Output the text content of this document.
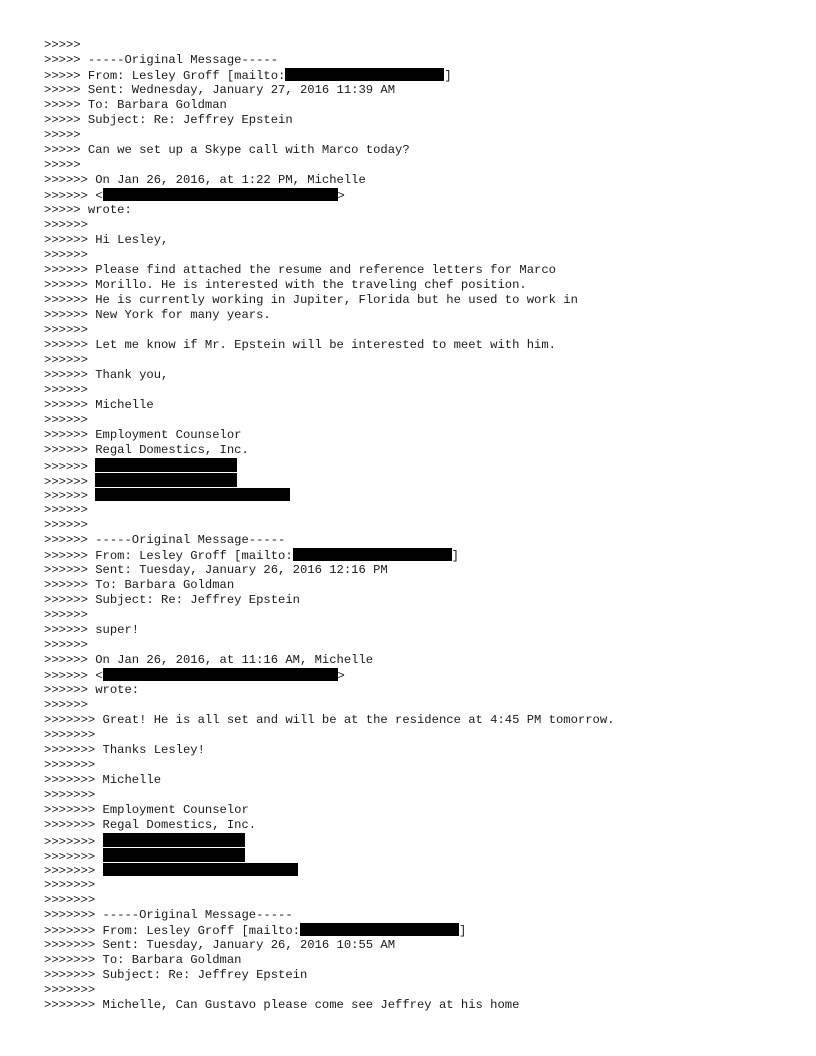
>>>>>
>>>>> -----Original Message-----
>>>>> From: Lesley Groff [mailto:	]
>>>>> Sent: Wednesday, January 27, 2016 11:39 AM
>>>>> To: Barbara Goldman
>>>>> Subject: Re: Jeffrey Epstein
>>>>>
>>>>> Can we set up a Skype call with Marco today?
>>>>>
>>>>>> On Jan 26, 2016, at 1:22 PM, Michelle
>>>>>> <	>
>>>>> wrote:
>>>>>>
>>>>>> Hi Lesley,
>>>>>>
>>>>>> Please find attached the resume and reference letters for Marco
>>>>>> Morillo. He is interested with the traveling chef position.
>>>>>> He is currently working in Jupiter, Florida but he used to work in
>>>>>> New York for many years.
>>>>>>
>>>>>> Let me know if Mr. Epstein will be interested to meet with him.
>>>>>>
>>>>>> Thank you,
>>>>>>
>>>>>> Michelle
>>>>>>
>>>>>> Employment Counselor
>>>>>> Regal Domestics, Inc.
>>>>>>
>>>>>>
>>>>>>
>>>>>>
>>>>>>
>>>>>> -----Original Message-----
>>>>>> From: Lesley Groff [mailto:	]
>>>>>> Sent: Tuesday, January 26, 2016 12:16 PM
>>>>>> To: Barbara Goldman
>>>>>> Subject: Re: Jeffrey Epstein
>>>>>>
>>>>>> super!
>>>>>>
>>>>>> On Jan 26, 2016, at 11:16 AM, Michelle
>>>>>> <	>
>>>>>> wrote:
>>>>>>
>>>>>>> Great! He is all set and will be at the residence at 4:45 PM tomorrow.
>>>>>>>
>>>>>>> Thanks Lesley!
>>>>>>>
>>>>>>> Michelle
>>>>>>>
>>>>>>> Employment Counselor
>>>>>>> Regal Domestics, Inc.
>>>>>>>
>>>>>>>
>>>>>>>
>>>>>>>
>>>>>>>
>>>>>>> -----Original Message-----
>>>>>>> From: Lesley Groff [mailto:	]
>>>>>>> Sent: Tuesday, January 26, 2016 10:55 AM
>>>>>>> To: Barbara Goldman
>>>>>>> Subject: Re: Jeffrey Epstein
>>>>>>>
>>>>>>> Michelle, Can Gustavo please come see Jeffrey at his home
